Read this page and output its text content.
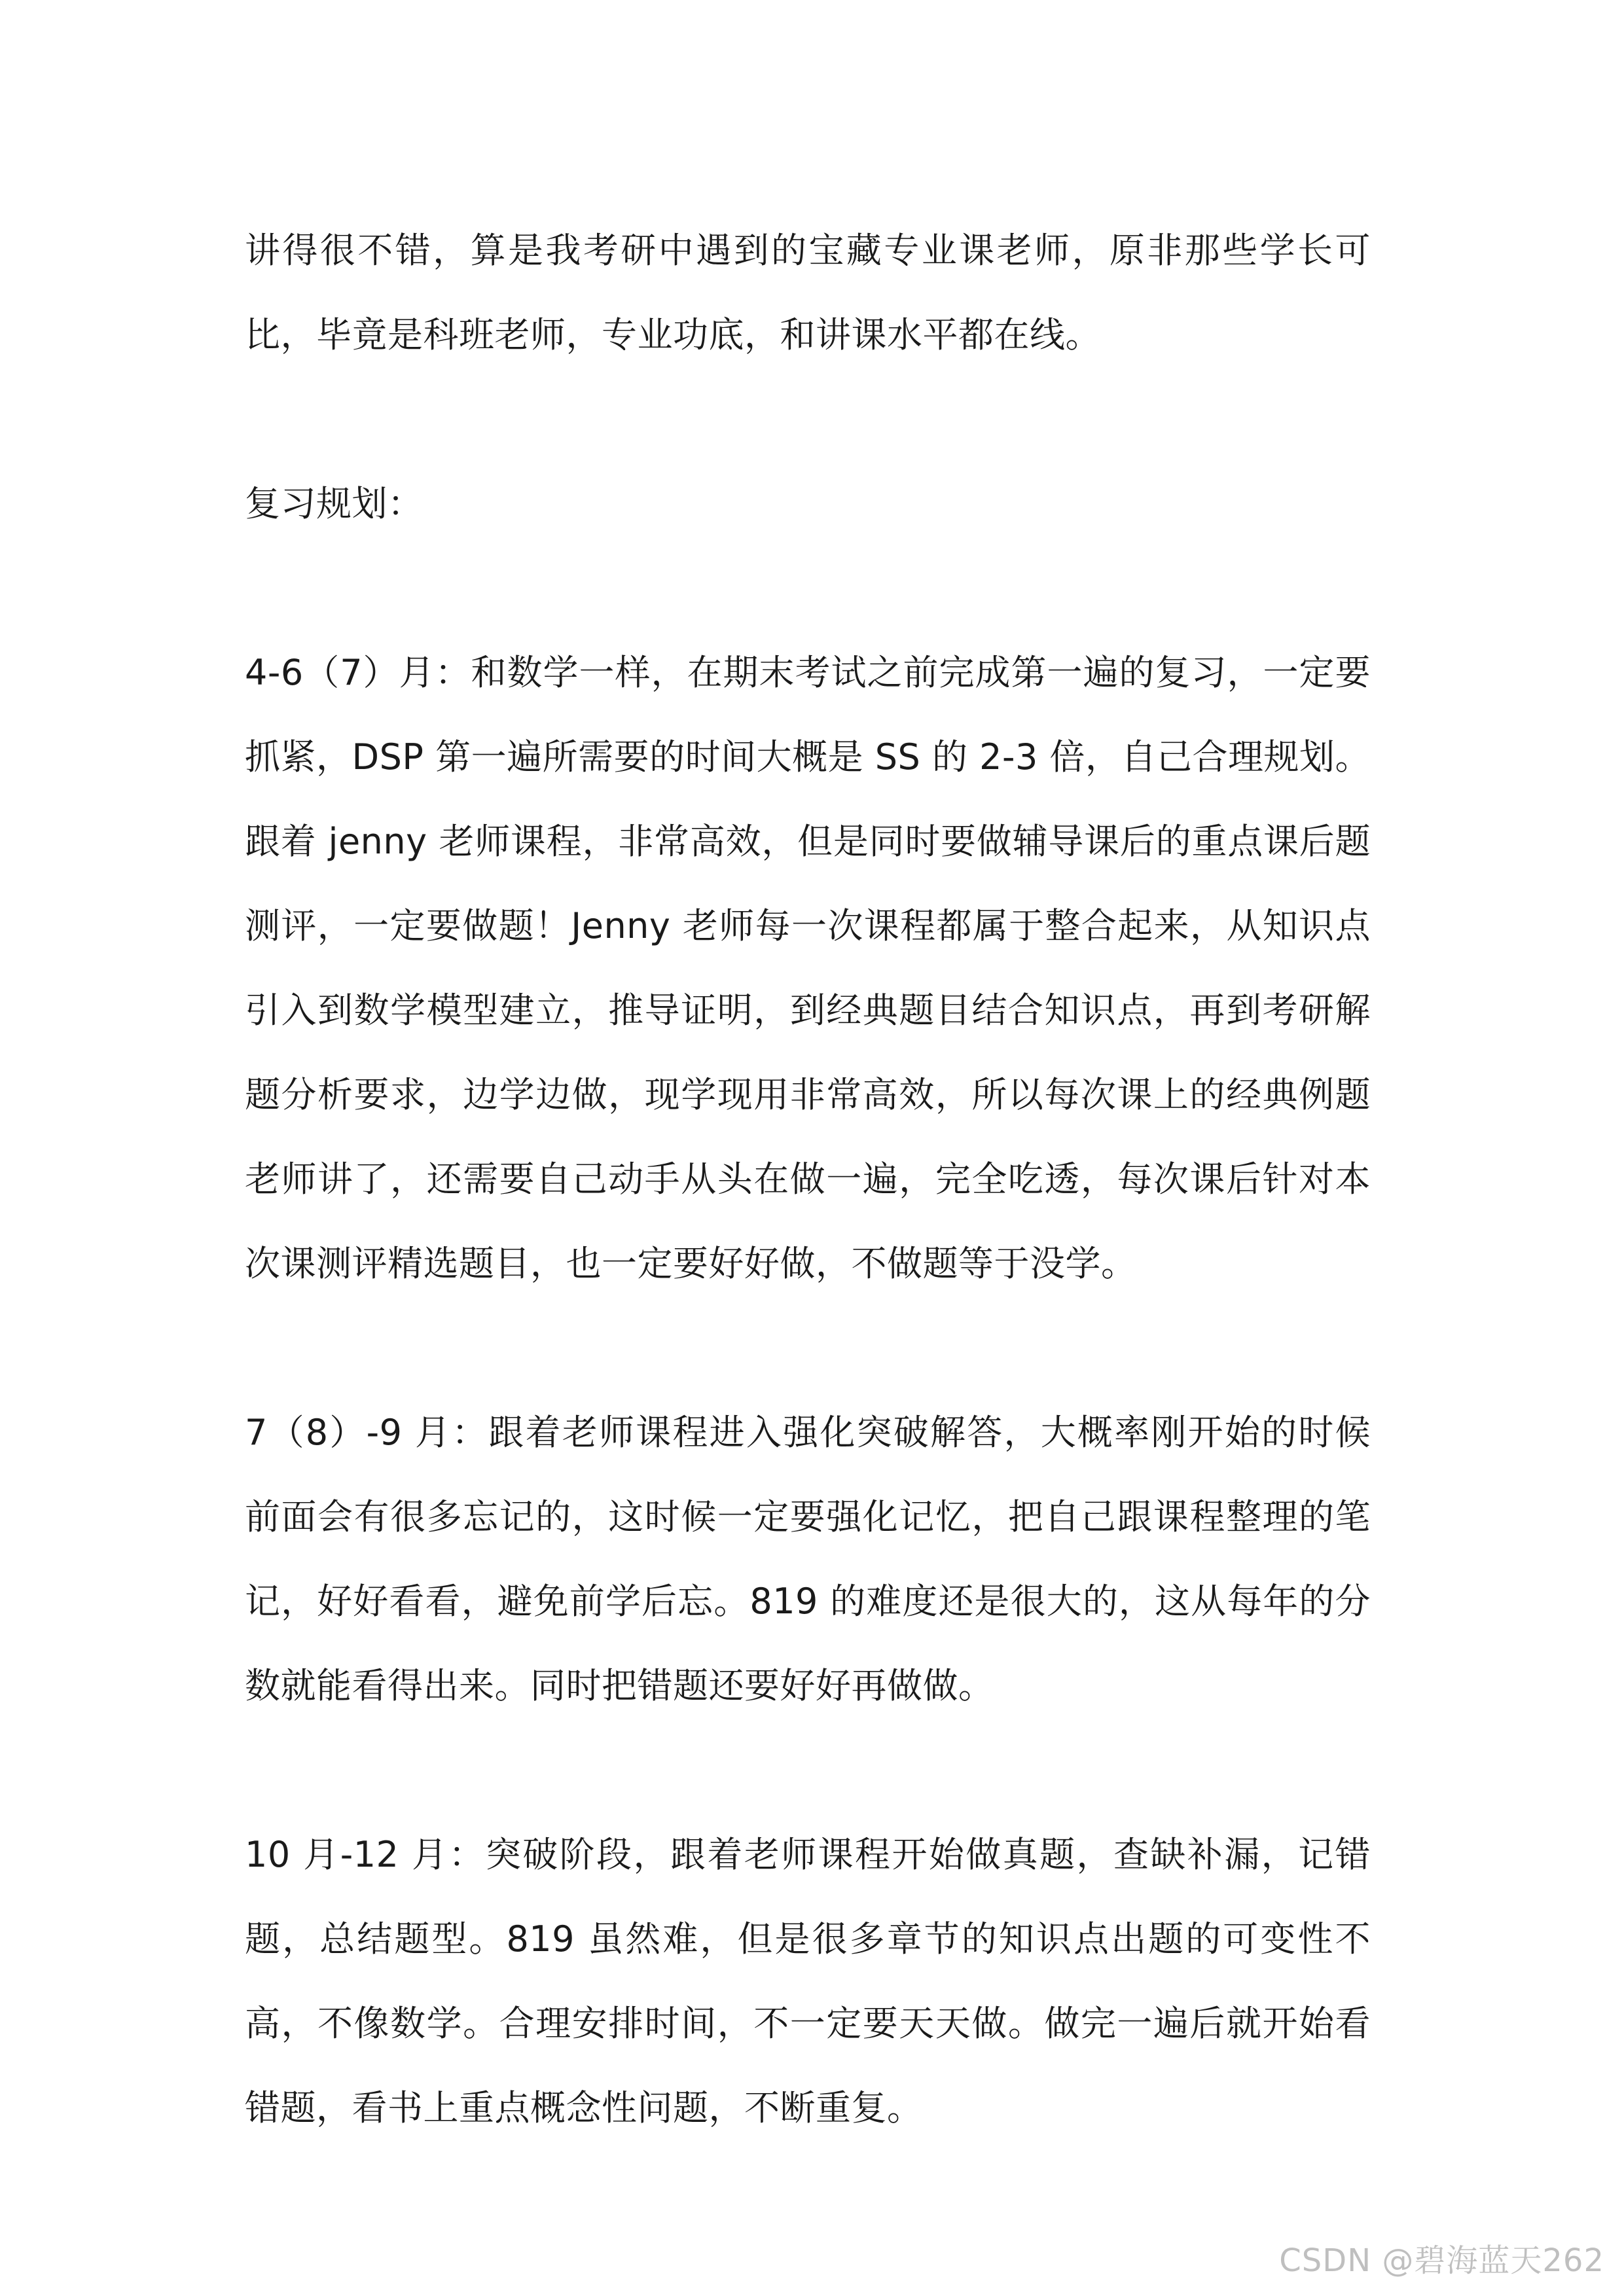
讲得很不错，算是我考研中遇到的宝藏专业课老师，原非那些学长可比，毕竟是科班老师，专业功底，和讲课水平都在线。

复习规划：

4-6（7）月：和数学一样，在期末考试之前完成第一遍的复习，一定要抓紧，DSP 第一遍所需要的时间大概是 SS 的 2-3 倍，自己合理规划。跟着 jenny 老师课程，非常高效，但是同时要做辅导课后的重点课后题测评，一定要做题！Jenny 老师每一次课程都属于整合起来，从知识点引入到数学模型建立，推导证明，到经典题目结合知识点，再到考研解题分析要求，边学边做，现学现用非常高效，所以每次课上的经典例题老师讲了，还需要自己动手从头在做一遍，完全吃透，每次课后针对本次课测评精选题目，也一定要好好做，不做题等于没学。

7（8）-9 月：跟着老师课程进入强化突破解答，大概率刚开始的时候前面会有很多忘记的，这时候一定要强化记忆，把自己跟课程整理的笔记，好好看看，避免前学后忘。819 的难度还是很大的，这从每年的分数就能看得出来。同时把错题还要好好再做做。

10 月-12 月：突破阶段，跟着老师课程开始做真题，查缺补漏，记错题，总结题型。819 虽然难，但是很多章节的知识点出题的可变性不高，不像数学。合理安排时间，不一定要天天做。做完一遍后就开始看错题，看书上重点概念性问题，不断重复。

CSDN @碧海蓝天262
